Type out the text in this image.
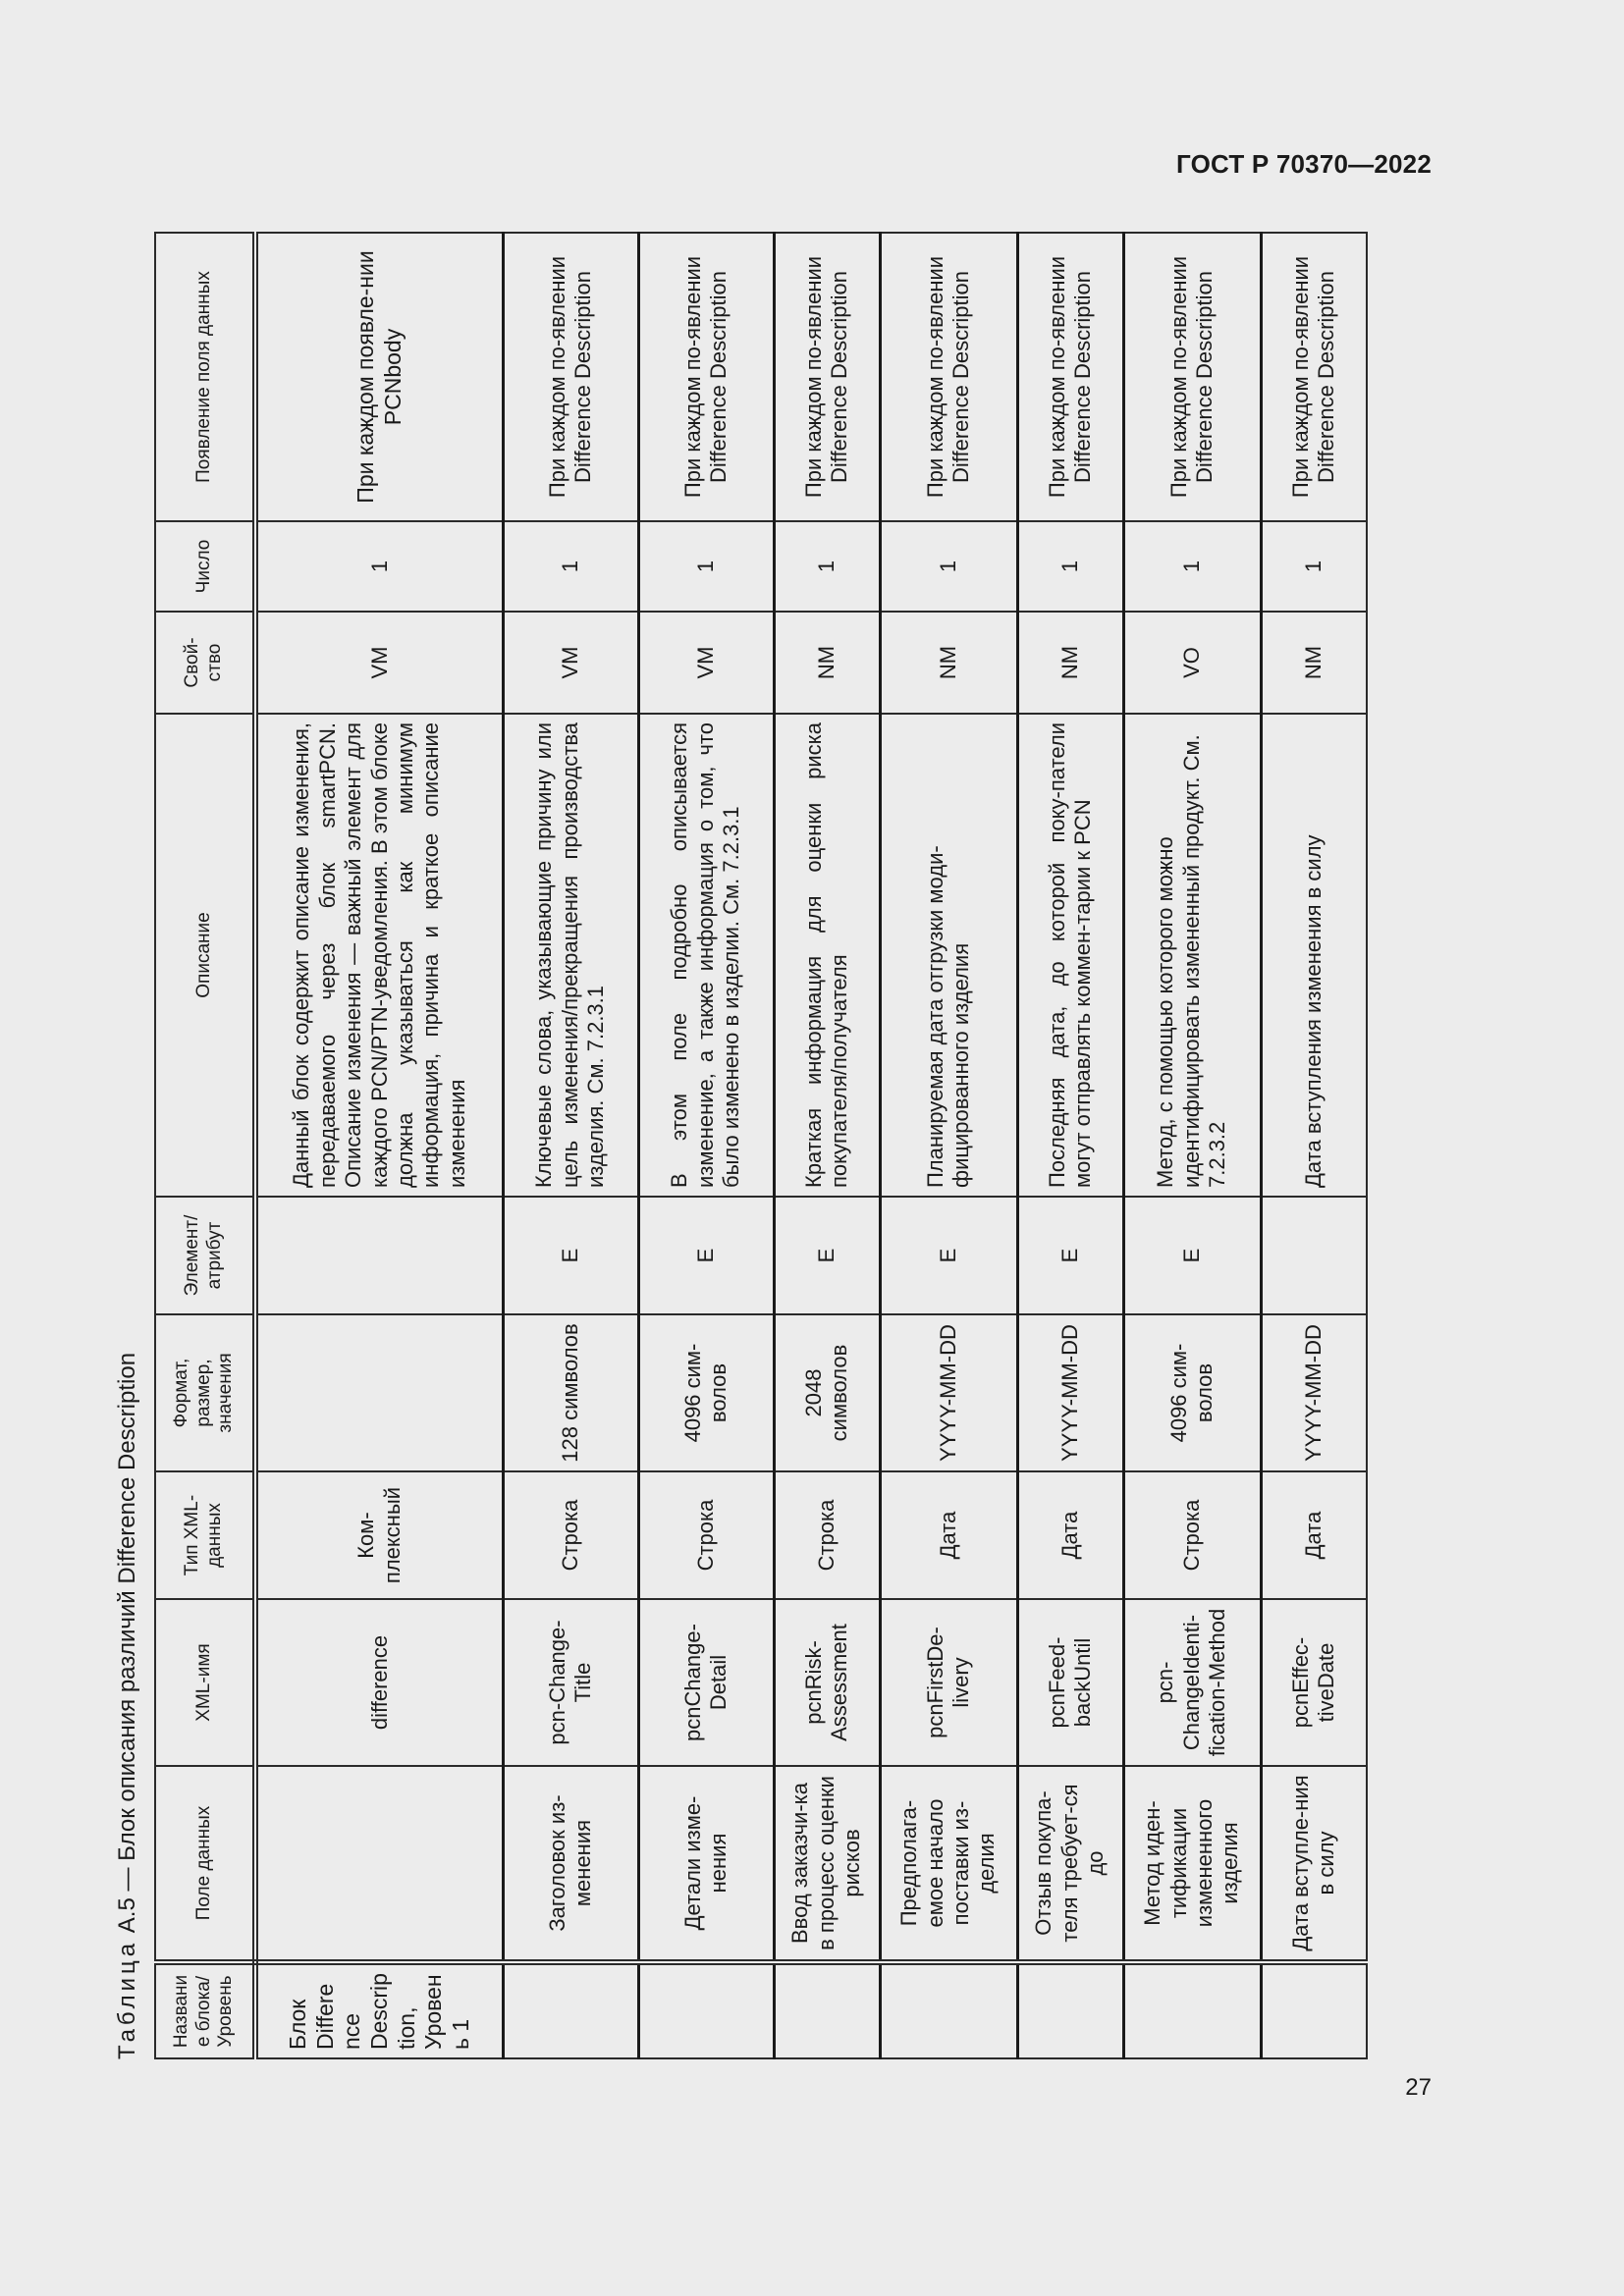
ГОСТ Р 70370—2022
Таблица А.5 — Блок описания различий Difference Description
Название блока/ Уровень	Поле данных	XML-имя	Тип XML-данных	Формат, размер, значения	Элемент/ атрибут	Описание	Свой-ство	Число	Появление поля данных
Блок Difference Description, Уровень 1		difference	Ком-плексный			Данный блок содержит описание изменения, передаваемого через блок smartPCN. Описание изменения — важный элемент для каждого PCN/PTN-уведомления. В этом блоке должна указываться как минимум информация, причина и краткое описание изменения	VM	1	При каждом появле-нии PCNbody
	Заголовок из-менения	pcn-Change-Title	Строка	128 символов	E	Ключевые слова, указывающие причину или цель изменения/прекращения производства изделия. См. 7.2.3.1	VM	1	При каждом по-явлении Difference Description
	Детали изме-нения	pcnChange-Detail	Строка	4096 сим-волов	E	В этом поле подробно описывается изменение, а также информация о том, что было изменено в изделии. См. 7.2.3.1	VM	1	При каждом по-явлении Difference Description
	Ввод заказчи-ка в процесс оценки рисков	pcnRisk-Assessment	Строка	2048 символов	E	Краткая информация для оценки риска покупателя/получателя	NM	1	При каждом по-явлении Difference Description
	Предполага-емое начало поставки из-делия	pcnFirstDe-livery	Дата	YYYY-MM-DD	E	Планируемая дата отгрузки моди-фицированного изделия	NM	1	При каждом по-явлении Difference Description
	Отзыв покупа-теля требует-ся до	pcnFeed-backUntil	Дата	YYYY-MM-DD	E	Последняя дата, до которой поку-патели могут отправлять коммен-тарии к PCN	NM	1	При каждом по-явлении Difference Description
	Метод иден-тификации измененного изделия	pcn-ChangeIdenti-fication-Method	Строка	4096 сим-волов	E	Метод, с помощью которого можно идентифицировать измененный продукт. См. 7.2.3.2	VO	1	При каждом по-явлении Difference Description
	Дата вступле-ния в силу	pcnEffec-tiveDate	Дата	YYYY-MM-DD		Дата вступления изменения в силу	NM	1	При каждом по-явлении Difference Description
27
